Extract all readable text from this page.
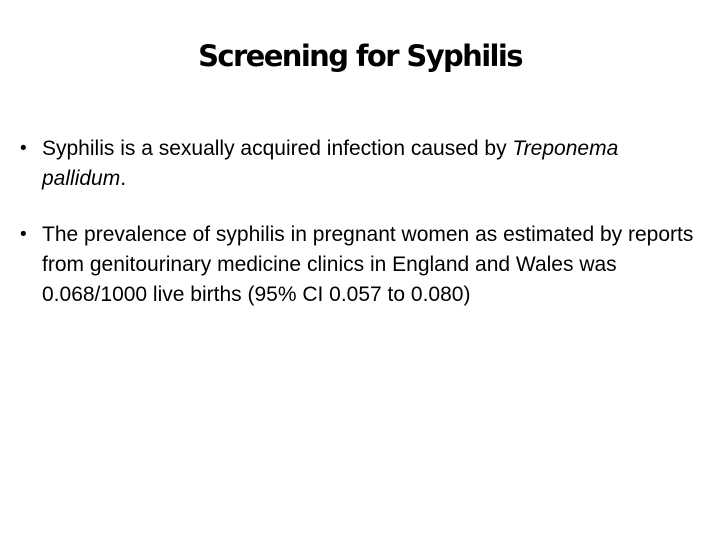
Screening for Syphilis
• Syphilis is a sexually acquired infection caused by Treponema pallidum.
• The prevalence of syphilis in pregnant women as estimated by reports from genitourinary medicine clinics in England and Wales was 0.068/1000 live births (95% CI 0.057 to 0.080)
